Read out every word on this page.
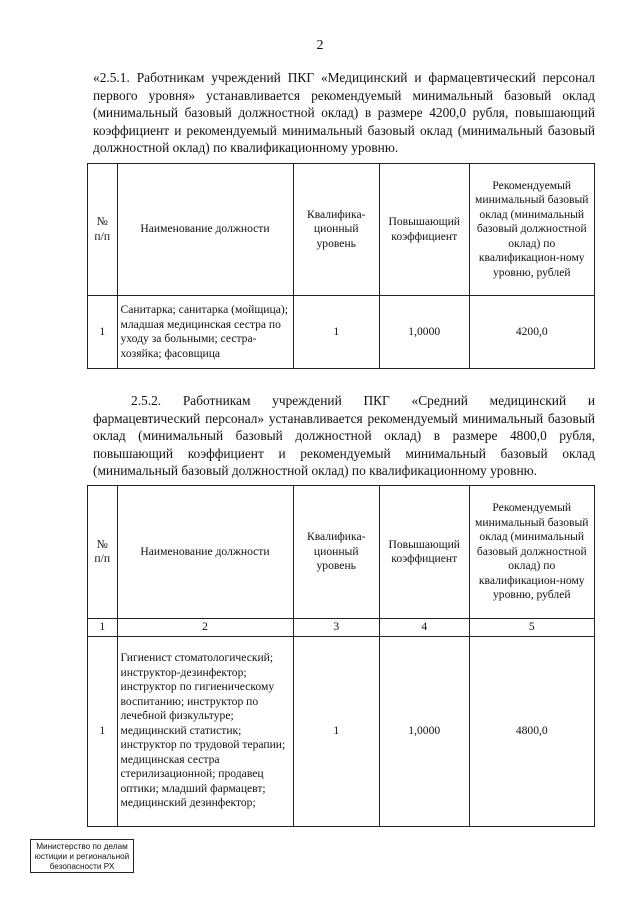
2

«2.5.1. Работникам учреждений ПКГ «Медицинский и фармацевтический персонал первого уровня» устанавливается рекомендуемый минимальный базовый оклад (минимальный базовый должностной оклад) в размере 4200,0 рубля, повышающий коэффициент и рекомендуемый минимальный базовый оклад (минимальный базовый должностной оклад) по квалификационному уровню.

№ п/п	Наименование должности	Квалифика-ционный уровень	Повышающий коэффициент	Рекомендуемый минимальный базовый оклад (минимальный базовый должностной оклад) по квалификацион-ному уровню, рублей
1	Санитарка; санитарка (мойщица); младшая медицинская сестра по уходу за больными; сестра-хозяйка; фасовщица	1	1,0000	4200,0

2.5.2. Работникам учреждений ПКГ «Средний медицинский и фармацевтический персонал» устанавливается рекомендуемый минимальный базовый оклад (минимальный базовый должностной оклад) в размере 4800,0 рубля, повышающий коэффициент и рекомендуемый минимальный базовый оклад (минимальный базовый должностной оклад) по квалификационному уровню.

№ п/п	Наименование должности	Квалифика-ционный уровень	Повышающий коэффициент	Рекомендуемый минимальный базовый оклад (минимальный базовый должностной оклад) по квалификацион-ному уровню, рублей
1	2	3	4	5
1	Гигиенист стоматологический; инструктор-дезинфектор; инструктор по гигиеническому воспитанию; инструктор по лечебной физкультуре; медицинский статистик; инструктор по трудовой терапии; медицинская сестра стерилизационной; продавец оптики; младший фармацевт; медицинский дезинфектор;	1	1,0000	4800,0
Министерство по делам
юстиции и региональной
безопасности РХ
